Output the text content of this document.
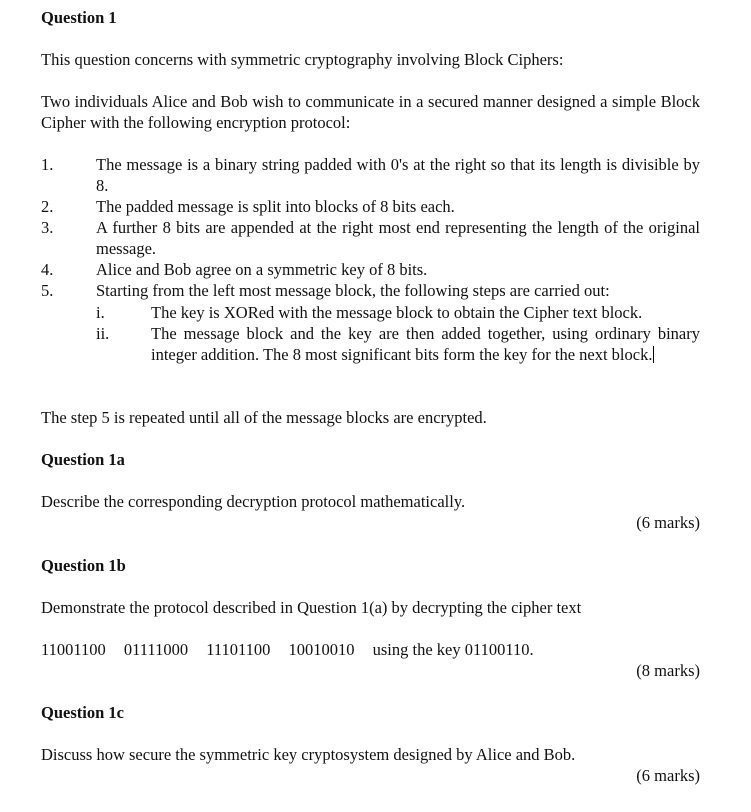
Question 1
This question concerns with symmetric cryptography involving Block Ciphers:
Two individuals Alice and Bob wish to communicate in a secured manner designed a simple Block Cipher with the following encryption protocol:
1.	The message is a binary string padded with 0's at the right so that its length is divisible by 8.
2.	The padded message is split into blocks of 8 bits each.
3.	A further 8 bits are appended at the right most end representing the length of the original message.
4.	Alice and Bob agree on a symmetric key of 8 bits.
5.	Starting from the left most message block, the following steps are carried out:
i.	The key is XORed with the message block to obtain the Cipher text block.
ii.	The message block and the key are then added together, using ordinary binary integer addition. The 8 most significant bits form the key for the next block.
The step 5 is repeated until all of the message blocks are encrypted.
Question 1a
Describe the corresponding decryption protocol mathematically.
(6 marks)
Question 1b
Demonstrate the protocol described in Question 1(a) by decrypting the cipher text
11001100 01111000 11101100 10010010 using the key 01100110.
(8 marks)
Question 1c
Discuss how secure the symmetric key cryptosystem designed by Alice and Bob.
(6 marks)
